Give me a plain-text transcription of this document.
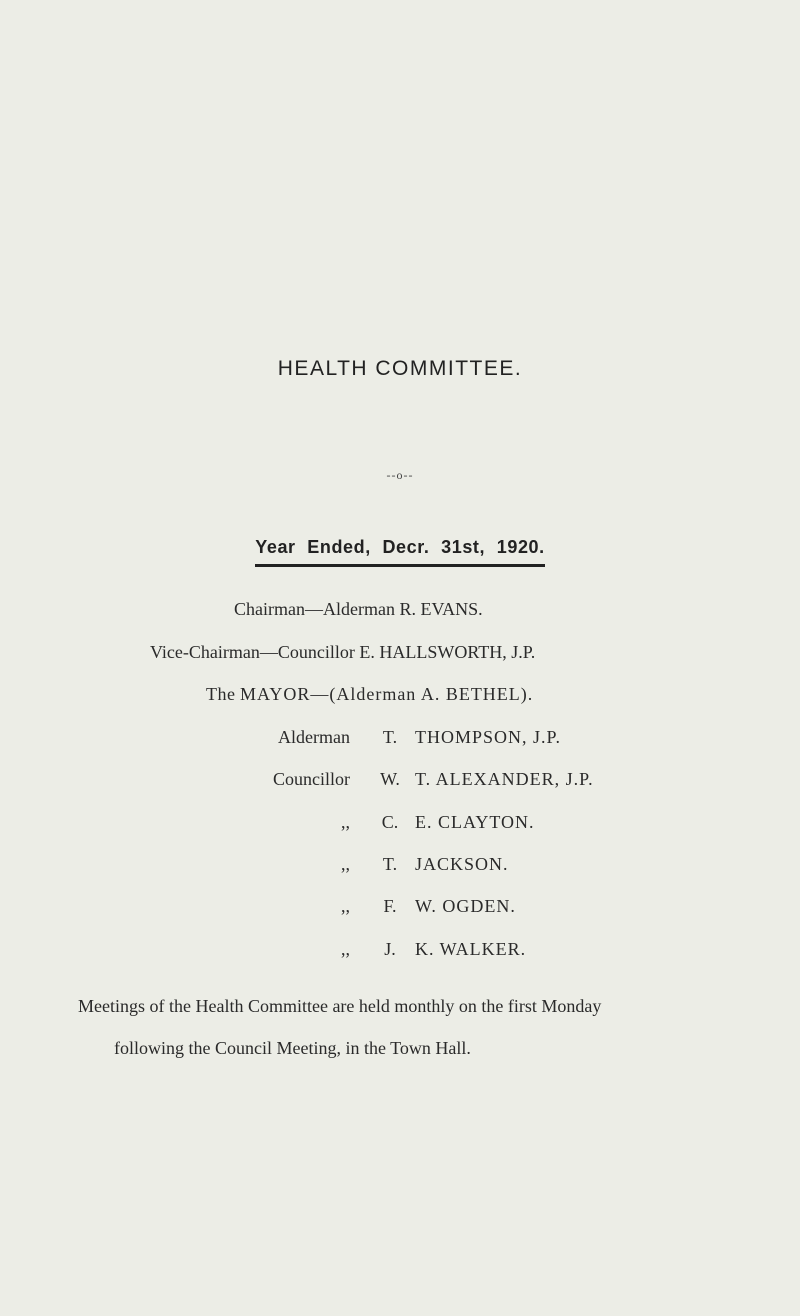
HEALTH COMMITTEE.
--o--
Year Ended, Decr. 31st, 1920.
Chairman—Alderman R. EVANS.
Vice-Chairman—Councillor E. HALLSWORTH, J.P.
The MAYOR—(Alderman A. BETHEL).
Alderman	T. THOMPSON, J.P.
Councillor	W. T. ALEXANDER, J.P.
,,	C. E. CLAYTON.
,,	T. JACKSON.
,,	F.	W. OGDEN.
,,	J.	K. WALKER.

Meetings of the Health Committee are held monthly on the first Monday

following the Council Meeting, in the Town Hall.
